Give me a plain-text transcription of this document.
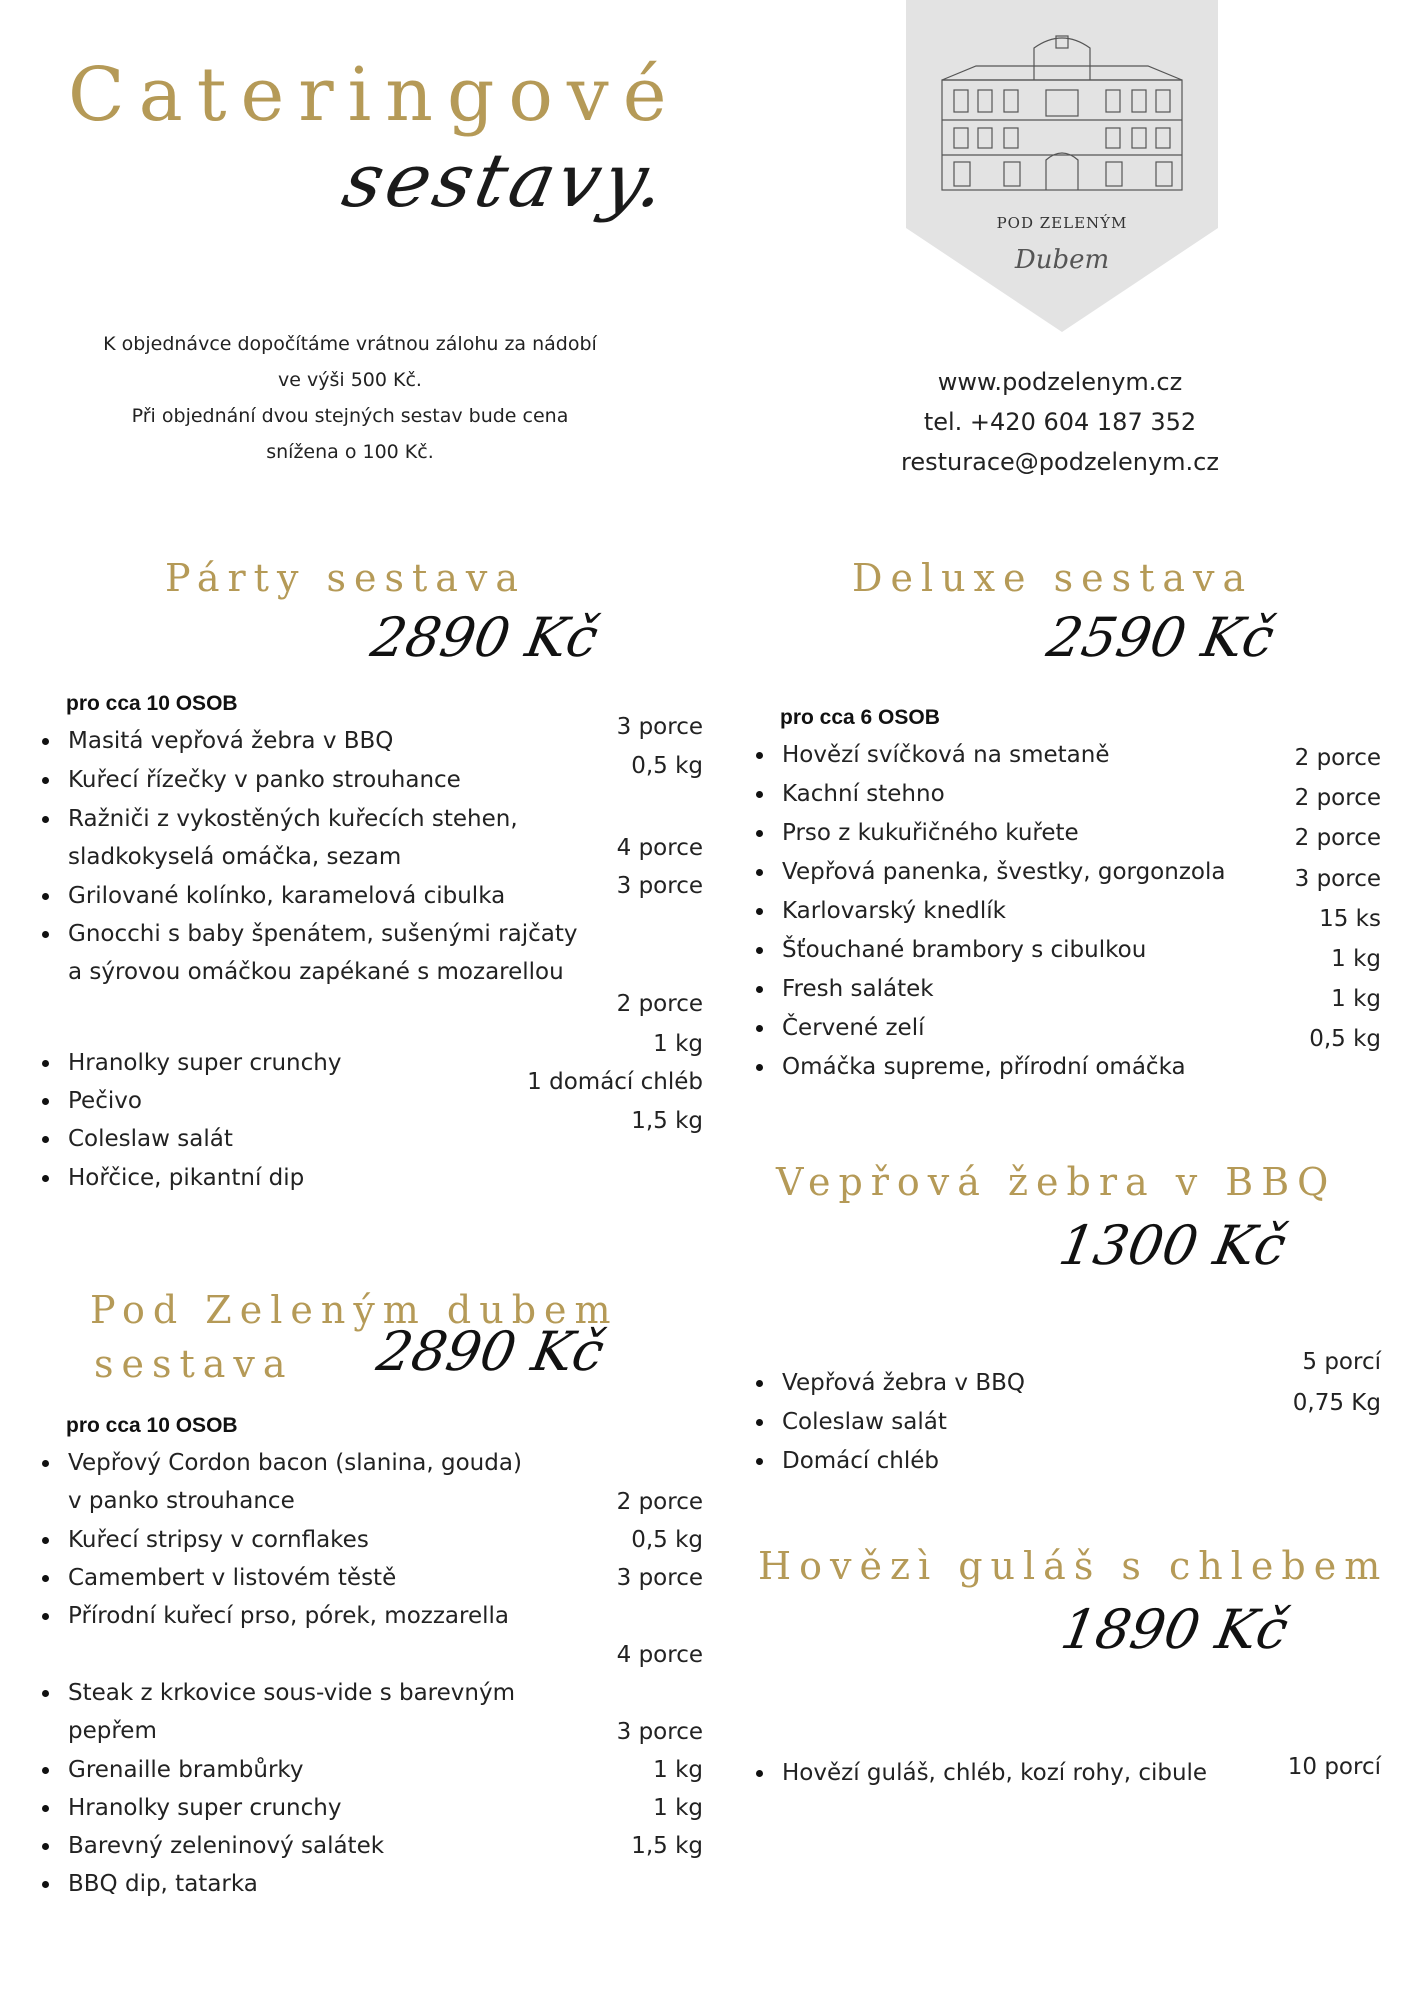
Cateringové
sestavy.
K objednávce dopočítáme vrátnou zálohu za nádobí
ve výši 500 Kč.
Při objednání dvou stejných sestav bude cena
snížena o 100 Kč.
POD ZELENÝM
Dubem
www.podzelenym.cz
tel. +420 604 187 352
resturace@podzelenym.cz
Párty sestava
2890 Kč
pro cca 10 OSOB
Masitá vepřová žebra v BBQ
Kuřecí řízečky v panko strouhance
Ražniči z vykostěných kuřecích stehen,
sladkokyselá omáčka, sezam
Grilované kolínko, karamelová cibulka
Gnocchi s baby špenátem, sušenými rajčaty
a sýrovou omáčkou zapékané s mozarellou
Hranolky super crunchy
Pečivo
Coleslaw salát
Hořčice, pikantní dip
3 porce
0,5 kg
4 porce
3 porce
2 porce
1 kg
1 domácí chléb
1,5 kg
Pod Zeleným dubem
sestava 2890 Kč
pro cca 10 OSOB
Vepřový Cordon bacon (slanina, gouda)
v panko strouhance
Kuřecí stripsy v cornflakes
Camembert v listovém těstě
Přírodní kuřecí prso, pórek, mozzarella
Steak z krkovice sous-vide s barevným
pepřem
Grenaille brambůrky
Hranolky super crunchy
Barevný zeleninový salátek
BBQ dip, tatarka
2 porce
0,5 kg
3 porce
4 porce
3 porce
1 kg
1 kg
1,5 kg
Deluxe sestava
2590 Kč
pro cca 6 OSOB
Hovězí svíčková na smetaně
Kachní stehno
Prso z kukuřičného kuřete
Vepřová panenka, švestky, gorgonzola
Karlovarský knedlík
Šťouchané brambory s cibulkou
Fresh salátek
Červené zelí
Omáčka supreme, přírodní omáčka
2 porce
2 porce
2 porce
3 porce
15 ks
1 kg
1 kg
0,5 kg
Vepřová žebra v BBQ
1300 Kč
Vepřová žebra v BBQ
Coleslaw salát
Domácí chléb
5 porcí
0,75 Kg
Hovězì guláš s chlebem
1890 Kč
Hovězí guláš, chléb, kozí rohy, cibule	10 porcí
